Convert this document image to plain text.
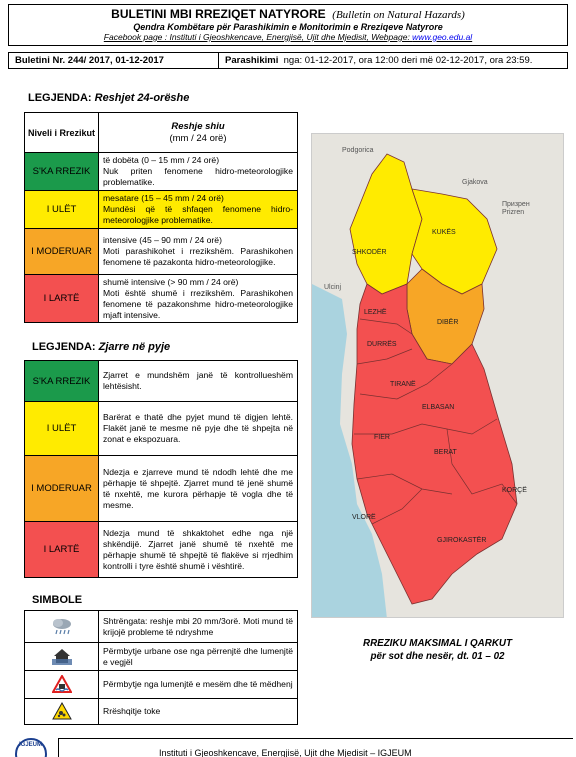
BULETINI MBI RREZIQET NATYRORE (Bulletin on Natural Hazards)
Qendra Kombëtare për Parashikimin e Monitorimin e Rreziqeve Natyrore
Facebook page : Instituti i Gjeoshkencave, Energjisë, Ujit dhe Mjedisit, Webpage: www.geo.edu.al
Buletini Nr. 244/ 2017, 01-12-2017	Parashikimi nga: 01-12-2017, ora 12:00 deri më 02-12-2017, ora 23:59.
LEGJENDA: Reshjet 24-orëshe
Niveli i Rrezikut	Reshje shiu
(mm / 24 orë)
S'KA RREZIK	të dobëta (0 – 15 mm / 24 orë)
Nuk priten fenomene hidro-meteorologjike problematike.

I ULËT	mesatare (15 – 45 mm / 24 orë)
Mundësi që të shfaqen fenomene hidro-meteorologjike problematike.

I MODERUAR	intensive (45 – 90 mm / 24 orë)
Moti parashikohet i rrezikshëm. Parashikohen fenomene të pazakonta hidro-meteorologjike.

I LARTË	shumë intensive (> 90 mm / 24 orë)
Moti është shumë i rrezikshëm. Parashikohen fenomene të pazakonshme hidro-meteorologjike mjaft intensive.
LEGJENDA: Zjarre në pyje
S'KA RREZIK	Zjarret e mundshëm janë të kontrollueshëm lehtësisht.
I ULËT	Barërat e thatë dhe pyjet mund të digjen lehtë. Flakët janë te mesme në pyje dhe të shpejta në zonat e ekspozuara.
I MODERUAR	Ndezja e zjarreve mund të ndodh lehtë dhe me përhapje të shpejtë. Zjarret mund të jenë shumë të nxehtë, me kurora përhapje të vogla dhe të mesme.
I LARTË	Ndezja mund të shkaktohet edhe nga një shkëndijë. Zjarret janë shumë të nxehtë me përhapje shumë të shpejtë të flakëve si rrjedhim kontrolli i tyre është shumë i vështirë.
SIMBOLE
	Shtrëngata: reshje mbi 20 mm/3orë. Moti mund të krijojë probleme të ndryshme
	Përmbytje urbane ose nga përrenjtë dhe lumenjtë e vegjël
	Përmbytje nga lumenjtë e mesëm dhe të mëdhenj
	Rrëshqitje toke
SHKODËR
KUKËS
LEZHË
DIBËR
DURRËS
TIRANË
ELBASAN
FIER
BERAT
KORÇË
VLORË
GJIROKASTËR
Gjakova
Призрен
Prizren
Podgorica
Ulcinj
RREZIKU MAKSIMAL I QARKUT
për sot dhe nesër, dt. 01 – 02
IGJEUM
Instituti i Gjeoshkencave, Energjisë, Ujit dhe Mjedisit – IGJEUM
